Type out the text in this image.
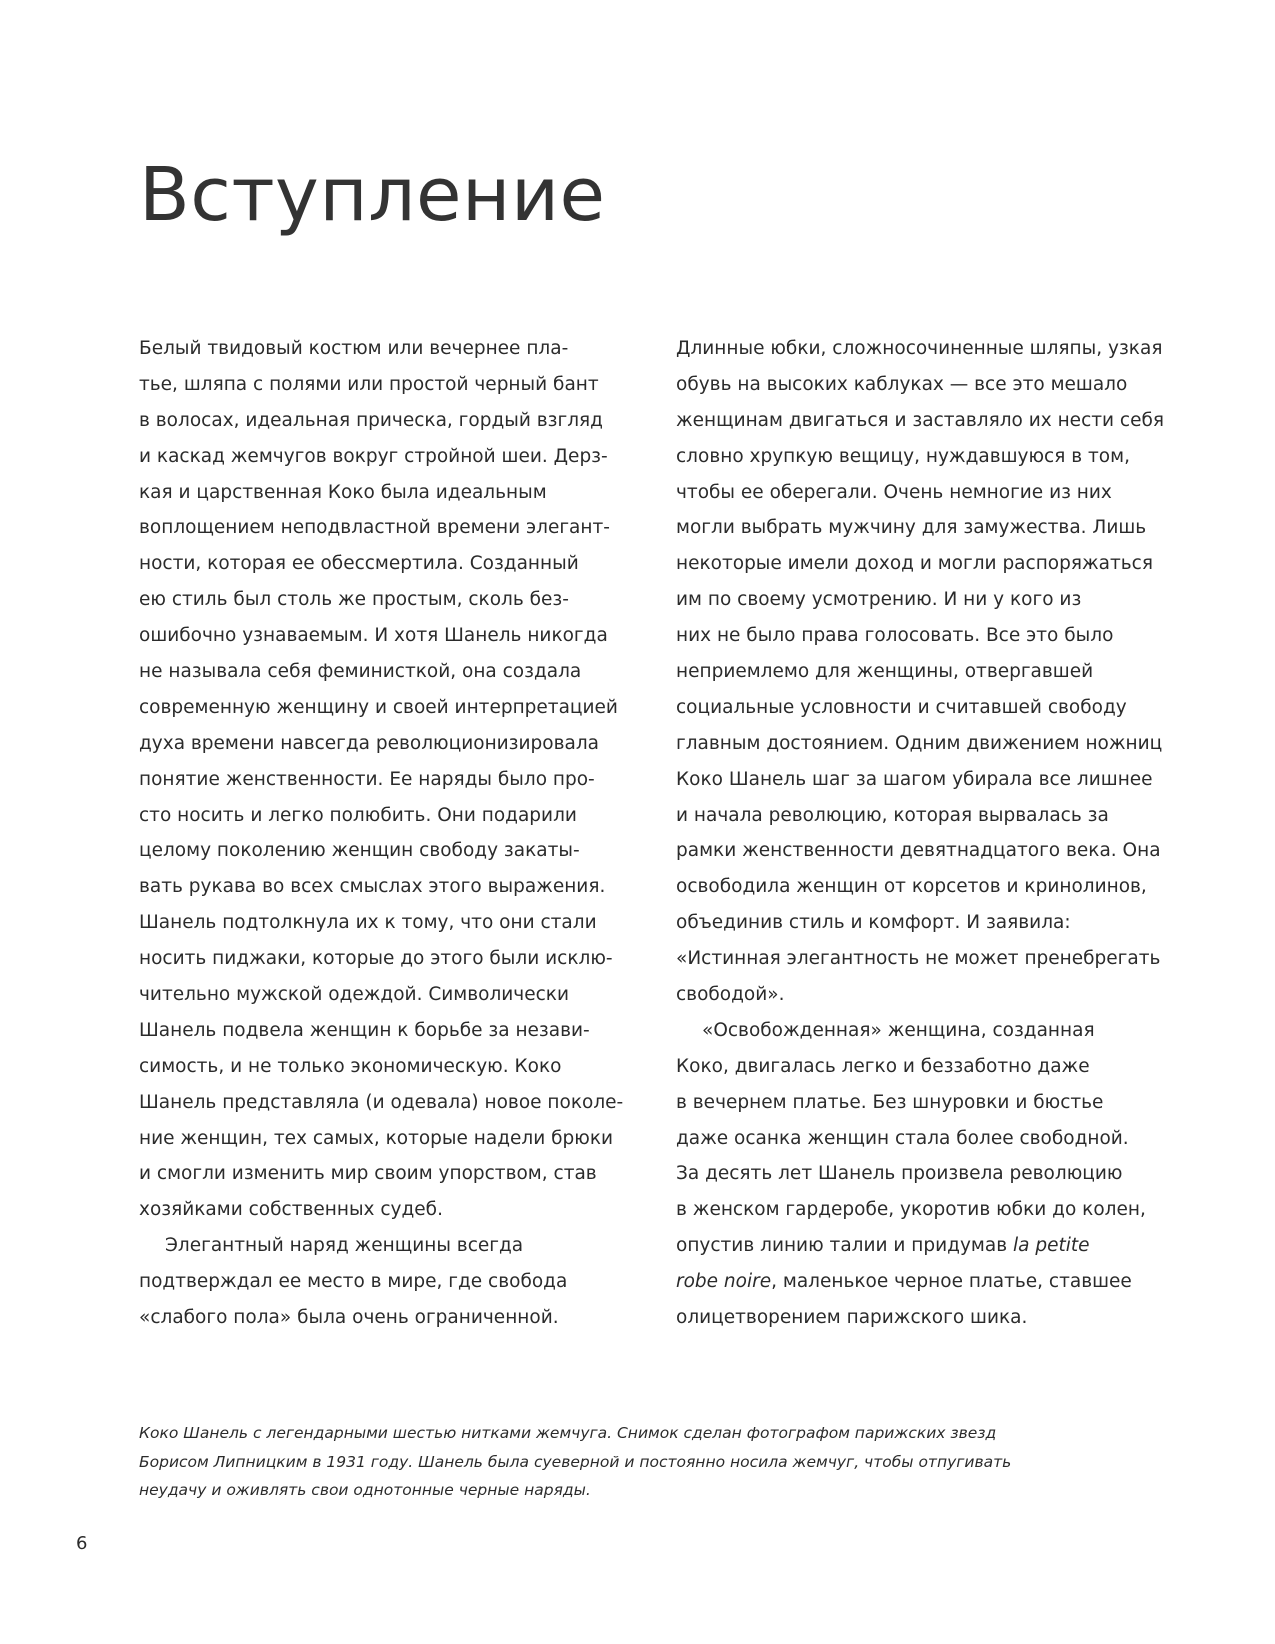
Вступление
Белый твидовый костюм или вечернее пла-
тье, шляпа с полями или простой черный бант
в волосах, идеальная прическа, гордый взгляд
и каскад жемчугов вокруг стройной шеи. Дерз-
кая и царственная Коко была идеальным
воплощением неподвластной времени элегант-
ности, которая ее обессмертила. Созданный
ею стиль был столь же простым, сколь без-
ошибочно узнаваемым. И хотя Шанель никогда
не называла себя феминисткой, она создала
современную женщину и своей интерпретацией
духа времени навсегда революционизировала
понятие женственности. Ее наряды было про-
сто носить и легко полюбить. Они подарили
целому поколению женщин свободу закаты-
вать рукава во всех смыслах этого выражения.
Шанель подтолкнула их к тому, что они стали
носить пиджаки, которые до этого были исклю-
чительно мужской одеждой. Символически
Шанель подвела женщин к борьбе за незави-
симость, и не только экономическую. Коко
Шанель представляла (и одевала) новое поколе-
ние женщин, тех самых, которые надели брюки
и смогли изменить мир своим упорством, став
хозяйками собственных судеб.
Элегантный наряд женщины всегда
подтверждал ее место в мире, где свобода
«слабого пола» была очень ограниченной.
Длинные юбки, сложносочиненные шляпы, узкая
обувь на высоких каблуках — все это мешало
женщинам двигаться и заставляло их нести себя
словно хрупкую вещицу, нуждавшуюся в том,
чтобы ее оберегали. Очень немногие из них
могли выбрать мужчину для замужества. Лишь
некоторые имели доход и могли распоряжаться
им по своему усмотрению. И ни у кого из
них не было права голосовать. Все это было
неприемлемо для женщины, отвергавшей
социальные условности и считавшей свободу
главным достоянием. Одним движением ножниц
Коко Шанель шаг за шагом убирала все лишнее
и начала революцию, которая вырвалась за
рамки женственности девятнадцатого века. Она
освободила женщин от корсетов и кринолинов,
объединив стиль и комфорт. И заявила:
«Истинная элегантность не может пренебрегать
свободой».
«Освобожденная» женщина, созданная
Коко, двигалась легко и беззаботно даже
в вечернем платье. Без шнуровки и бюстье
даже осанка женщин стала более свободной.
За десять лет Шанель произвела революцию
в женском гардеробе, укоротив юбки до колен,
опустив линию талии и придумав la petite
robe noire, маленькое черное платье, ставшее
олицетворением парижского шика.
Коко Шанель с легендарными шестью нитками жемчуга. Снимок сделан фотографом парижских звезд
Борисом Липницким в 1931 году. Шанель была суеверной и постоянно носила жемчуг, чтобы отпугивать
неудачу и оживлять свои однотонные черные наряды.
6
